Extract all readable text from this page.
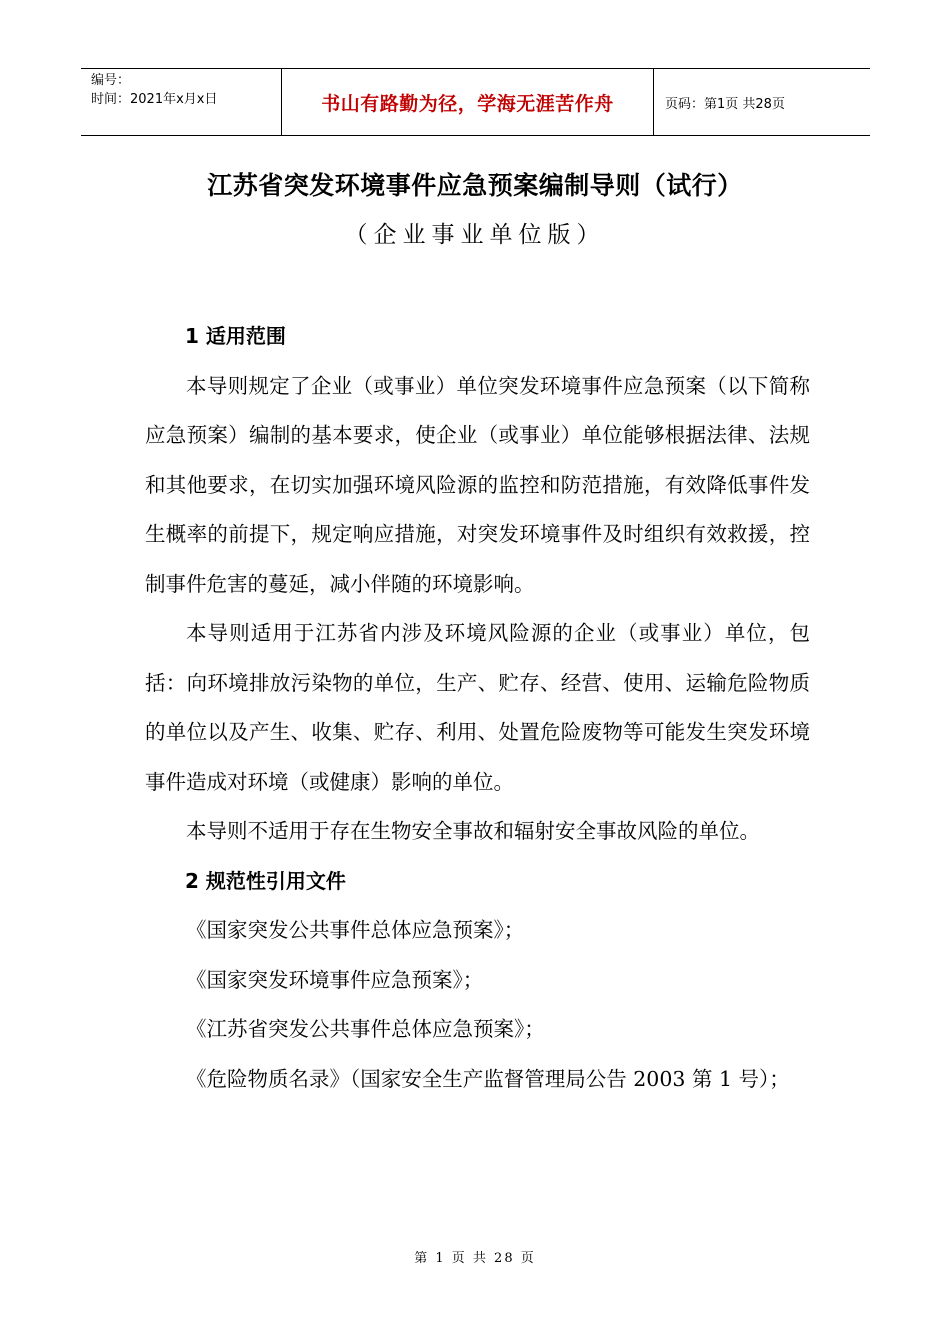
编号：
时间：2021年x月x日	书山有路勤为径，学海无涯苦作舟	页码：第1页 共28页
江苏省突发环境事件应急预案编制导则（试行）
（企业事业单位版）

1 适用范围

本导则规定了企业（或事业）单位突发环境事件应急预案（以下简称应急预案）编制的基本要求，使企业（或事业）单位能够根据法律、法规和其他要求，在切实加强环境风险源的监控和防范措施，有效降低事件发生概率的前提下，规定响应措施，对突发环境事件及时组织有效救援，控制事件危害的蔓延，减小伴随的环境影响。

本导则适用于江苏省内涉及环境风险源的企业（或事业）单位，包括：向环境排放污染物的单位，生产、贮存、经营、使用、运输危险物质的单位以及产生、收集、贮存、利用、处置危险废物等可能发生突发环境事件造成对环境（或健康）影响的单位。

本导则不适用于存在生物安全事故和辐射安全事故风险的单位。

2 规范性引用文件

《国家突发公共事件总体应急预案》；

《国家突发环境事件应急预案》；

《江苏省突发公共事件总体应急预案》；

《危险物质名录》（国家安全生产监督管理局公告 2003 第 1 号）；

第 1 页 共 28 页
